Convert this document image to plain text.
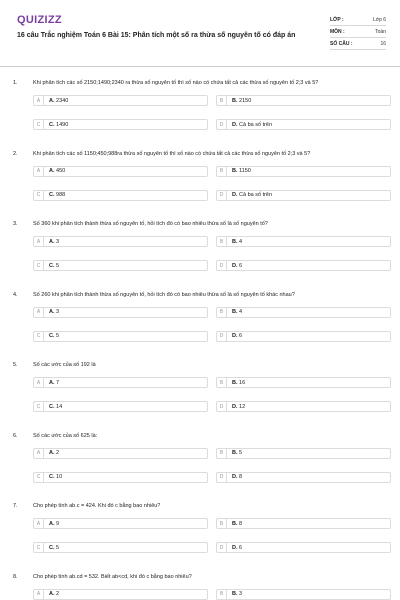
QUIZIZZ
16 câu Trắc nghiệm Toán 6 Bài 15: Phân tích một số ra thừa số nguyên tố có đáp án
LỚP :	Lớp 6
MÔN :	Toán
SỐ CÂU :	16
1.	Khi phân tích các số 2150;1490;2340 ra thừa số nguyên tố thì số nào có chứa tất cả các thừa số nguyên tố 2;3 và 5?
A	A. 2340	B	B. 2150
C	C. 1490	D	D. Cả ba số trên
2.	Khi phân tích các số 1150;450;988ra thừa số nguyên tố thì số nào có chứa tất cả các thừa số nguyên tố 2;3 và 5?
A	A. 450	B	B. 1150
C	C. 988	D	D. Cả ba số trên
3.	Số 360 khi phân tích thành thừa số nguyên tố, hỏi tích đó có bao nhiêu thừa số là số nguyên tố?
A	A. 3	B	B. 4
C	C. 5	D	D. 6
4.	Số 260 khi phân tích thành thừa số nguyên tố, hỏi tích đó có bao nhiêu thừa số là số nguyên tố khác nhau?
A	A. 3	B	B. 4
C	C. 5	D	D. 6
5.	Số các ước của số 192 là
A	A. 7	B	B. 16
C	C. 14	D	D. 12
6.	Số các ước của số 625 là:
A	A. 2	B	B. 5
C	C. 10	D	D. 8
7.	Cho phép tính ab.c = 424. Khi đó c bằng bao nhiêu?
A	A. 9	B	B. 8
C	C. 5	D	D. 6
8.	Cho phép tính ab.cd = 532. Biết ab<cd, khi đó c bằng bao nhiêu?
A	A. 2	B	B. 3
